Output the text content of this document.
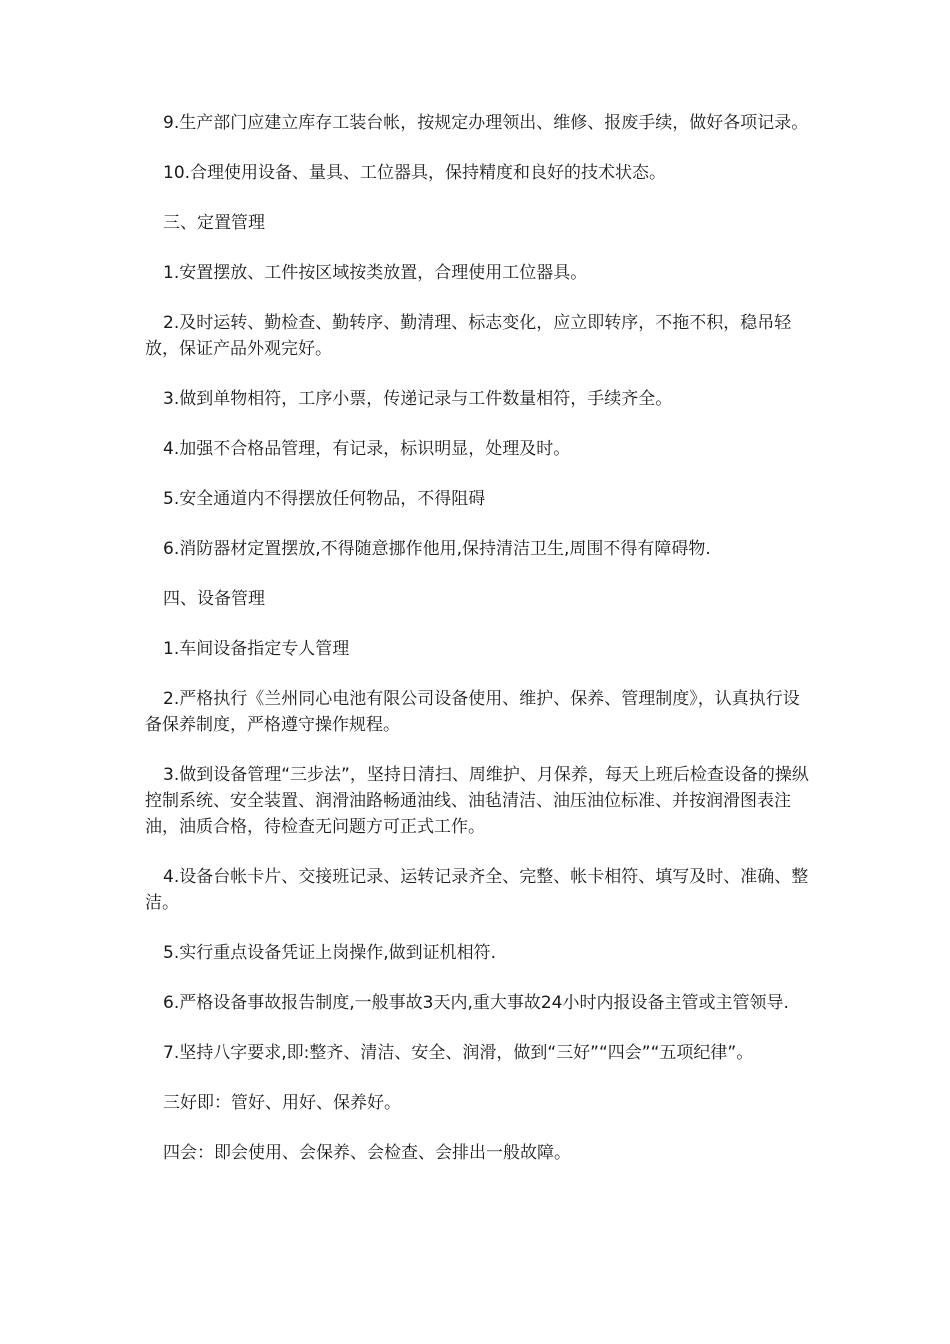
9.生产部门应建立库存工装台帐，按规定办理领出、维修、报废手续，做好各项记录。

10.合理使用设备、量具、工位器具，保持精度和良好的技术状态。

三、定置管理

1.安置摆放、工件按区域按类放置，合理使用工位器具。

2.及时运转、勤检查、勤转序、勤清理、标志变化，应立即转序，不拖不积，稳吊轻放，保证产品外观完好。

3.做到单物相符，工序小票，传递记录与工件数量相符，手续齐全。

4.加强不合格品管理，有记录，标识明显，处理及时。

5.安全通道内不得摆放任何物品，不得阻碍

6.消防器材定置摆放,不得随意挪作他用,保持清洁卫生,周围不得有障碍物.

四、设备管理

1.车间设备指定专人管理

2.严格执行《兰州同心电池有限公司设备使用、维护、保养、管理制度》，认真执行设备保养制度，严格遵守操作规程。

3.做到设备管理“三步法”，坚持日清扫、周维护、月保养，每天上班后检查设备的操纵控制系统、安全装置、润滑油路畅通油线、油毡清洁、油压油位标准、并按润滑图表注油，油质合格，待检查无问题方可正式工作。

4.设备台帐卡片、交接班记录、运转记录齐全、完整、帐卡相符、填写及时、准确、整洁。

5.实行重点设备凭证上岗操作,做到证机相符.

6.严格设备事故报告制度,一般事故3天内,重大事故24小时内报设备主管或主管领导.

7.坚持八字要求,即:整齐、清洁、安全、润滑，做到“三好”“四会”“五项纪律”。

三好即：管好、用好、保养好。

四会：即会使用、会保养、会检查、会排出一般故障。
